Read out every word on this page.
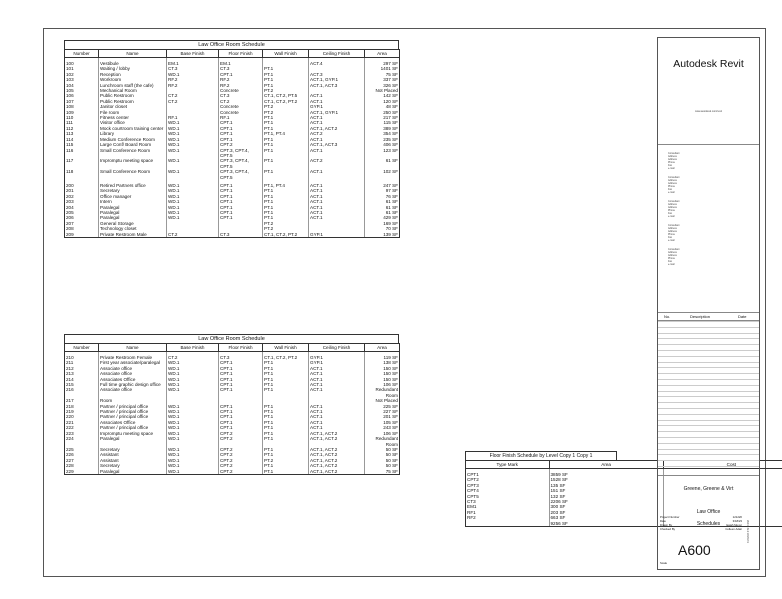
Law Office Room Schedule
Number	Name	Base Finish	Floor Finish	Wall Finish	Ceiling Finish	Area

100	Vestibule	EM.1	EM.1		ACT.4	297 SF
101	Waiting / lobby	CT.3	CT.3	PT.1		1401 SF
102	Reception	WD.1	CPT.1	PT.1	ACT.3	75 SF
103	Workroom	RF.2	RF.2	PT.1	ACT.1, GYP.1	337 SF
104	Lunchroom staff (the cafe)	RF.2	RF.2	PT.1	ACT.1, ACT.3	326 SF
105	Mechanical Room		Concrete	PT.2		Not Placed
106	Public Restroom	CT.2	CT.3	CT.1, CT.2, PT.5	ACT.1	142 SF
107	Public Restroom	CT.2	CT.2	CT.1, CT.2, PT.2	ACT.1	120 SF
108	Janitor closet		Concrete	PT.2	GYP.1	48 SF
109	File room		Concrete	PT.2	ACT.1, GYP.1	250 SF
110	Fitness center	RF.1	RF.1	PT.1	ACT.1	217 SF
111	Visitor office	WD.1	CPT.1	PT.1	ACT.1	115 SF
112	Mock courtroom training center	WD.1	CPT.1	PT.1	ACT.1, ACT.2	389 SF
113	Library	WD.1	CPT.1	PT.1, PT.4	ACT.2	354 SF
114	Medium Conference Room	WD.1	CPT.1	PT.1	ACT.1	235 SF
115	Large Conf/ Board Room	WD.1	CPT.2	PT.1	ACT.1, ACT.3	406 SF
116	Small Conference Room	WD.1	CPT.3, CPT.4, CPT.5	PT.1	ACT.1	123 SF
117	Impromptu meeting space	WD.1	CPT.3, CPT.4, CPT.5	PT.1	ACT.2	61 SF
118	Small Conference Room	WD.1	CPT.3, CPT.4, CPT.5	PT.1	ACT.1	102 SF

200	Retired Partners office	WD.1	CPT.1	PT.1, PT.4	ACT.1	247 SF
201	Secretary	WD.1	CPT.1	PT.1	ACT.1	97 SF
202	Office manager	WD.1	CPT.1	PT.1	ACT.1	76 SF
203	Intern	WD.1	CPT.1	PT.1	ACT.1	61 SF
204	Paralegal	WD.1	CPT.1	PT.1	ACT.1	61 SF
205	Paralegal	WD.1	CPT.1	PT.1	ACT.1	61 SF
206	Paralegal	WD.1	CPT.1	PT.1	ACT.1	429 SF
207	General Storage			PT.2		169 SF
208	Technology closet			PT.2		70 SF
209	Private Restroom Male	CT.2	CT.3	CT.1, CT.2, PT.2	GYP.1	139 SF
Law Office Room Schedule
Number	Name	Base Finish	Floor Finish	Wall Finish	Ceiling Finish	Area

210	Private Restroom Female	CT.2	CT.3	CT.1, CT.2, PT.2	GYP.1	119 SF
211	First year associate/paralegal	WD.1	CPT.1	PT.1	GYP.1	138 SF
212	Associate office	WD.1	CPT.1	PT.1	ACT.1	150 SF
213	Associate office	WD.1	CPT.1	PT.1	ACT.1	150 SF
214	Associates Office	WD.1	CPT.1	PT.1	ACT.1	150 SF
215	Full time graphic design office	WD.1	CPT.1	PT.1	ACT.1	106 SF
216	Associate office	WD.1	CPT.1	PT.1	ACT.1	Redundant Room
217	Room					Not Placed
218	Partner / principal office	WD.1	CPT.1	PT.1	ACT.1	225 SF
219	Partner / principal office	WD.1	CPT.1	PT.1	ACT.1	227 SF
220	Partner / principal office	WD.1	CPT.1	PT.1	ACT.1	201 SF
221	Associates Office	WD.1	CPT.1	PT.1	ACT.1	105 SF
222	Partner / principal office	WD.1	CPT.1	PT.1	ACT.1	243 SF
223	Impromptu meeting space	WD.1	CPT.2	PT.1	ACT.1, ACT.2	106 SF
224	Paralegal	WD.1	CPT.2	PT.1	ACT.1, ACT.2	Redundant Room
225	Secretary	WD.1	CPT.2	PT.1	ACT.1, ACT.2	50 SF
226	Assistant	WD.1	CPT.2	PT.1	ACT.1, ACT.2	50 SF
227	Assistant	WD.1	CPT.2	PT.2	ACT.1, ACT.2	50 SF
228	Secretary	WD.1	CPT.2	PT.1	ACT.1, ACT.2	50 SF
229	Paralegal	WD.1	CPT.2	PT.1	ACT.1, ACT.2	75 SF
Floor Finish Schedule by Level Copy 1 Copy 1
Type Mark	Area	Cost

CPT1	3859 SF	
CPT2	1528 SF	
CPT3	135 SF	
CPT4	151 SF	
CPT5	132 SF	
CT3	2206 SF	
EM1	300 SF	
RF1	203 SF	
RF2	663 SF	
	9256 SF	
Autodesk Revit
www.autodesk.com/revit
Consultant
Address
Address
Phone
Fax
e-mail
Consultant
Address
Address
Phone
Fax
e-mail
Consultant
Address
Address
Phone
Fax
e-mail
Consultant
Address
Address
Phone
Fax
e-mail
Consultant
Address
Address
Phone
Fax
e-mail
No.	Description	Date
Greene, Greene & Virt
Law Office
Schedules
Project Number	121220
Date	3/18/23
Drawn By	Isaiah Meyer
Checked By	Colleen Adair
A600
Scale
3/18/2023 3:52:20 PM
